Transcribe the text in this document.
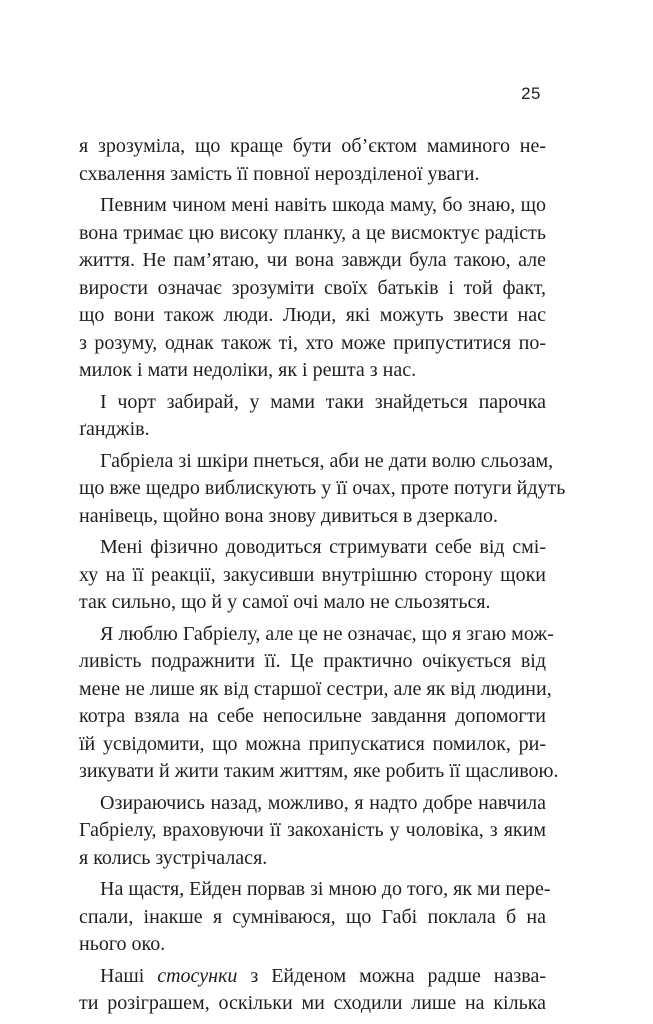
25

я зрозуміла, що краще бути об’єктом маминого не-

схвалення замість її повної нерозділеної уваги.

Певним чином мені навіть шкода маму, бо знаю, що

вона тримає цю високу планку, а це висмоктує радість

життя. Не пам’ятаю, чи вона завжди була такою, але

вирости означає зрозуміти своїх батьків і той факт,

що вони також люди. Люди, які можуть звести нас

з розуму, однак також ті, хто може припуститися по-

милок і мати недоліки, як і решта з нас.

І чорт забирай, у мами таки знайдеться парочка

ґанджів.

Габріела зі шкіри пнеться, аби не дати волю сльозам,

що вже щедро виблискують у її очах, проте потуги йдуть

нанівець, щойно вона знову дивиться в дзеркало.

Мені фізично доводиться стримувати себе від смі-

ху на її реакції, закусивши внутрішню сторону щоки

так сильно, що й у самої очі мало не сльозяться.

Я люблю Габріелу, але це не означає, що я згаю мож-

ливість подражнити її. Це практично очікується від

мене не лише як від старшої сестри, але як від людини,

котра взяла на себе непосильне завдання допомогти

їй усвідомити, що можна припускатися помилок, ри-

зикувати й жити таким життям, яке робить її щасливою.

Озираючись назад, можливо, я надто добре навчила

Габріелу, враховуючи її закоханість у чоловіка, з яким

я колись зустрічалася.

На щастя, Ейден порвав зі мною до того, як ми пере-

спали, інакше я сумніваюся, що Габі поклала б на

нього око.

Наші стосунки з Ейденом можна радше назва-

ти розіграшем, оскільки ми сходили лише на кілька
